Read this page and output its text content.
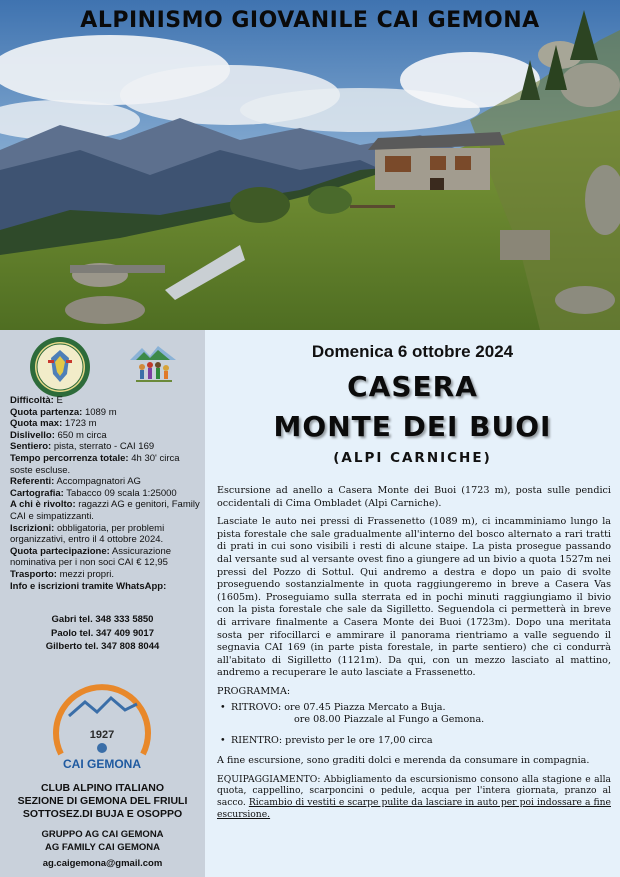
ALPINISMO GIOVANILE CAI GEMONA

Difficoltà: E

Quota partenza: 1089 m

Quota max: 1723 m

Dislivello: 650 m circa

Sentiero: pista, sterrato - CAI 169

Tempo percorrenza totale: 4h 30' circa soste escluse.

Referenti: Accompagnatori AG

Cartografia: Tabacco 09 scala 1:25000

A chi è rivolto: ragazzi AG e genitori, Family CAI e simpatizzanti.

Iscrizioni: obbligatoria, per problemi organizzativi, entro il 4 ottobre 2024.

Quota partecipazione: Assicurazione nominativa per i non soci CAI € 12,95

Trasporto: mezzi propri.

Info e iscrizioni tramite WhatsApp:

Gabri tel. 348 333 5850

Paolo tel. 347 409 9017

Gilberto tel. 347 808 8044

1927
CAI GEMONA

CLUB ALPINO ITALIANO

SEZIONE DI GEMONA DEL FRIULI

SOTTOSEZ.DI BUJA E OSOPPO

GRUPPO AG CAI GEMONA

AG FAMILY CAI GEMONA

ag.caigemona@gmail.com

Domenica 6 ottobre 2024

CASERA
MONTE DEI BUOI
(ALPI CARNICHE)

Escursione ad anello a Casera Monte dei Buoi (1723 m), posta sulle pendici occidentali di Cima Ombladet (Alpi Carniche).

Lasciate le auto nei pressi di Frassenetto (1089 m), ci incamminiamo lungo la pista forestale che sale gradualmente all'interno del bosco alternato a rari tratti di prati in cui sono visibili i resti di alcune staipe. La pista prosegue passando dal versante sud al versante ovest fino a giungere ad un bivio a quota 1527m nei pressi del Pozzo di Sottul. Qui andremo a destra e dopo un paio di svolte proseguendo sostanzialmente in quota raggiungeremo in breve a Casera Vas (1605m). Proseguiamo sulla sterrata ed in pochi minuti raggiungiamo il bivio con la pista forestale che sale da Sigilletto. Seguendola ci permetterà in breve di arrivare finalmente a Casera Monte dei Buoi (1723m). Dopo una meritata sosta per rifocillarci e ammirare il panorama rientriamo a valle seguendo il segnavia CAI 169 (in parte pista forestale, in parte sentiero) che ci condurrà all'abitato di Sigilletto (1121m). Da qui, con un mezzo lasciato al mattino, andremo a recuperare le auto lasciate a Frassenetto.

PROGRAMMA:

• RITROVO: ore 07.45 Piazza Mercato a Buja.

ore 08.00 Piazzale al Fungo a Gemona.

• RIENTRO: previsto per le ore 17,00 circa

A fine escursione, sono graditi dolci e merenda da consumare in compagnia.

EQUIPAGGIAMENTO: Abbigliamento da escursionismo consono alla stagione e alla quota, cappellino, scarponcini o pedule, acqua per l'intera giornata, pranzo al sacco. Ricambio di vestiti e scarpe pulite da lasciare in auto per poi indossare a fine escursione.
